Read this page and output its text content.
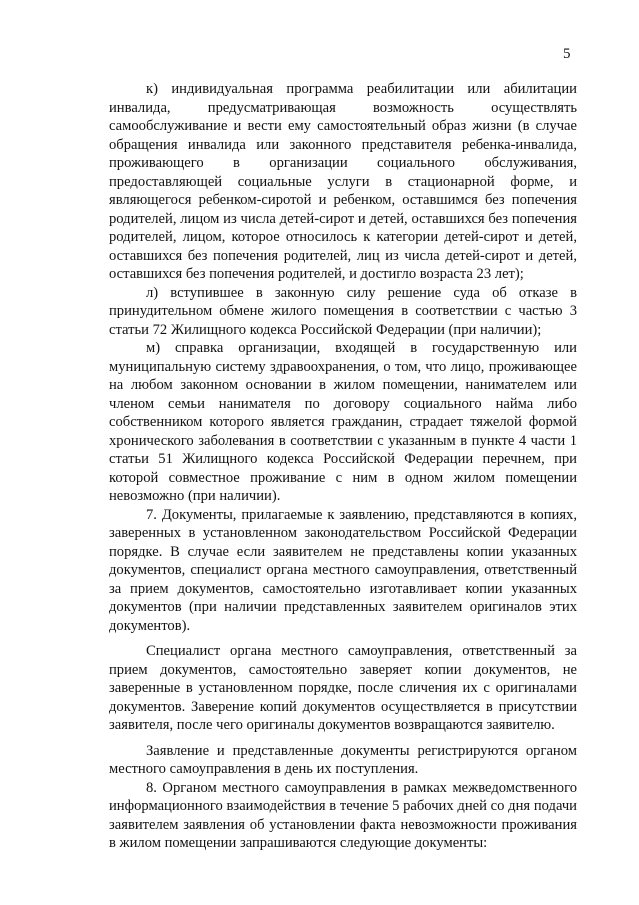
5

к) индивидуальная программа реабилитации или абилитации инвалида, предусматривающая возможность осуществлять самообслуживание и вести ему самостоятельный образ жизни (в случае обращения инвалида или законного представителя ребенка-инвалида, проживающего в организации социального обслуживания, предоставляющей социальные услуги в стационарной форме, и являющегося ребенком-сиротой и ребенком, оставшимся без попечения родителей, лицом из числа детей-сирот и детей, оставшихся без попечения родителей, лицом, которое относилось к категории детей-сирот и детей, оставшихся без попечения родителей, лиц из числа детей-сирот и детей, оставшихся без попечения родителей, и достигло возраста 23 лет);

л) вступившее в законную силу решение суда об отказе в принудительном обмене жилого помещения в соответствии с частью 3 статьи 72 Жилищного кодекса Российской Федерации (при наличии);

м) справка организации, входящей в государственную или муниципальную систему здравоохранения, о том, что лицо, проживающее на любом законном основании в жилом помещении, нанимателем или членом семьи нанимателя по договору социального найма либо собственником которого является гражданин, страдает тяжелой формой хронического заболевания в соответствии с указанным в пункте 4 части 1 статьи 51 Жилищного кодекса Российской Федерации перечнем, при которой совместное проживание с ним в одном жилом помещении невозможно (при наличии).

7. Документы, прилагаемые к заявлению, представляются в копиях, заверенных в установленном законодательством Российской Федерации порядке. В случае если заявителем не представлены копии указанных документов, специалист органа местного самоуправления, ответственный за прием документов, самостоятельно изготавливает копии указанных документов (при наличии представленных заявителем оригиналов этих документов).

Специалист органа местного самоуправления, ответственный за прием документов, самостоятельно заверяет копии документов, не заверенные в установленном порядке, после сличения их с оригиналами документов. Заверение копий документов осуществляется в присутствии заявителя, после чего оригиналы документов возвращаются заявителю.

Заявление и представленные документы регистрируются органом местного самоуправления в день их поступления.

8. Органом местного самоуправления в рамках межведомственного информационного взаимодействия в течение 5 рабочих дней со дня подачи заявителем заявления об установлении факта невозможности проживания в жилом помещении запрашиваются следующие документы:
